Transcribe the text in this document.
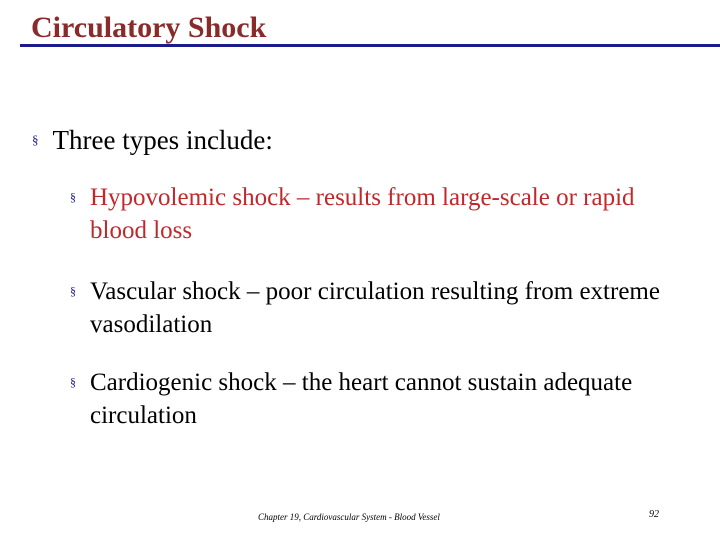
Circulatory Shock
§ Three types include:
§ Hypovolemic shock – results from large-scale or rapid blood loss
§ Vascular shock – poor circulation resulting from extreme vasodilation
§ Cardiogenic shock – the heart cannot sustain adequate circulation
Chapter 19, Cardiovascular System - Blood Vessel	92
